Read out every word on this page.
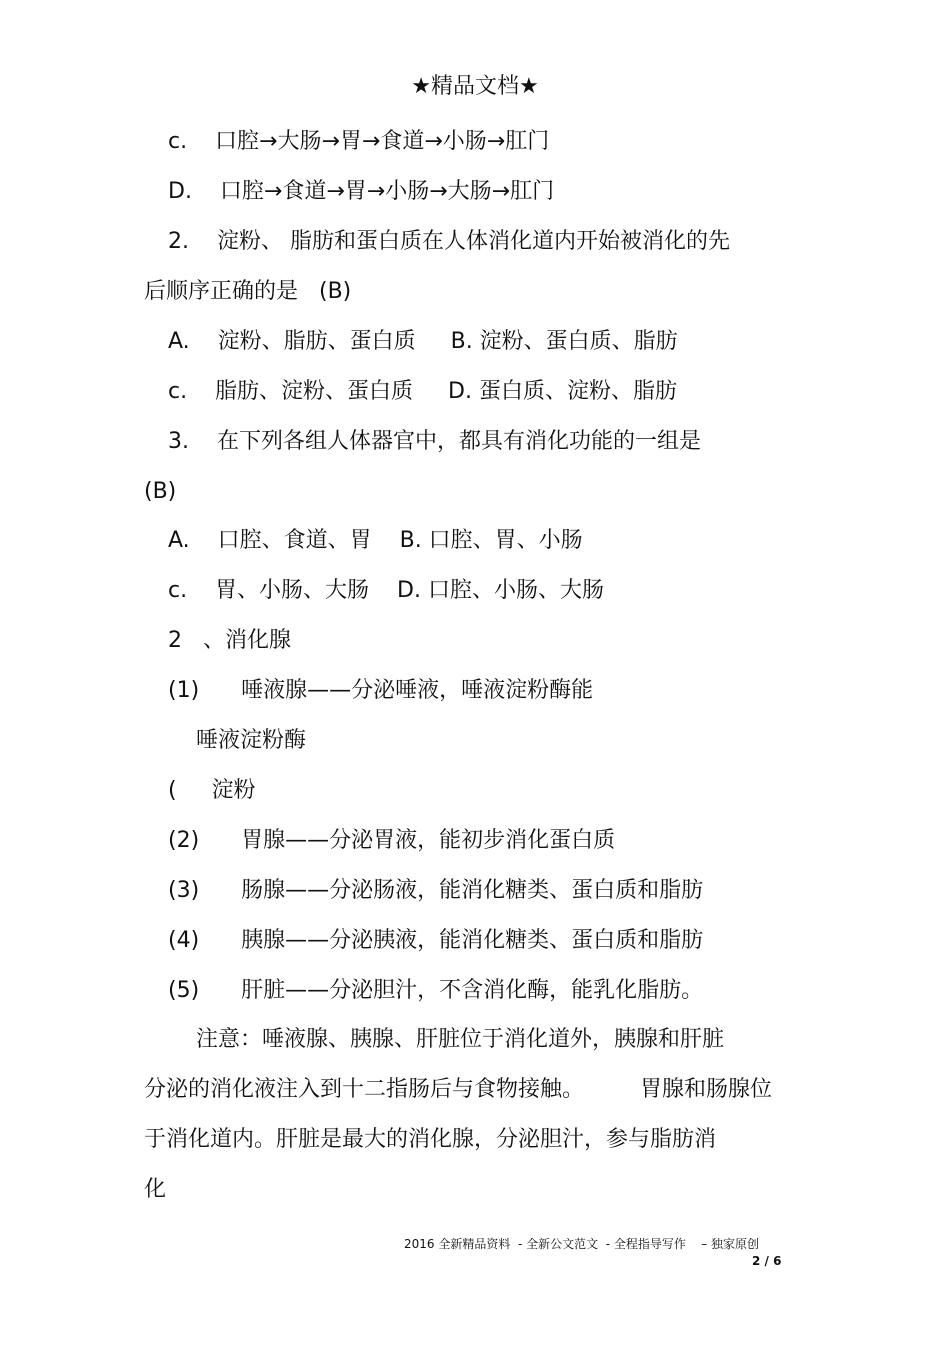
★精品文档★
c.    口腔→大肠→胃→食道→小肠→肛门
D.    口腔→食道→胃→小肠→大肠→肛门
2.    淀粉、 脂肪和蛋白质在人体消化道内开始被消化的先
后顺序正确的是   (B)
A.    淀粉、脂肪、蛋白质     B. 淀粉、蛋白质、脂肪
c.    脂肪、淀粉、蛋白质     D. 蛋白质、淀粉、脂肪
3.    在下列各组人体器官中，都具有消化功能的一组是
(B)
A.    口腔、食道、胃    B. 口腔、胃、小肠
c.    胃、小肠、大肠    D. 口腔、小肠、大肠
2   、消化腺
(1)      唾液腺——分泌唾液，唾液淀粉酶能
唾液淀粉酶
(     淀粉
(2)      胃腺——分泌胃液，能初步消化蛋白质
(3)      肠腺——分泌肠液，能消化糖类、蛋白质和脂肪
(4)      胰腺——分泌胰液，能消化糖类、蛋白质和脂肪
(5)      肝脏——分泌胆汁，不含消化酶，能乳化脂肪。
注意：唾液腺、胰腺、肝脏位于消化道外，胰腺和肝脏
分泌的消化液注入到十二指肠后与食物接触。        胃腺和肠腺位
于消化道内。肝脏是最大的消化腺，分泌胆汁，参与脂肪消
化
2016 全新精品资料  - 全新公文范文  - 全程指导写作    – 独家原创
2 / 6
